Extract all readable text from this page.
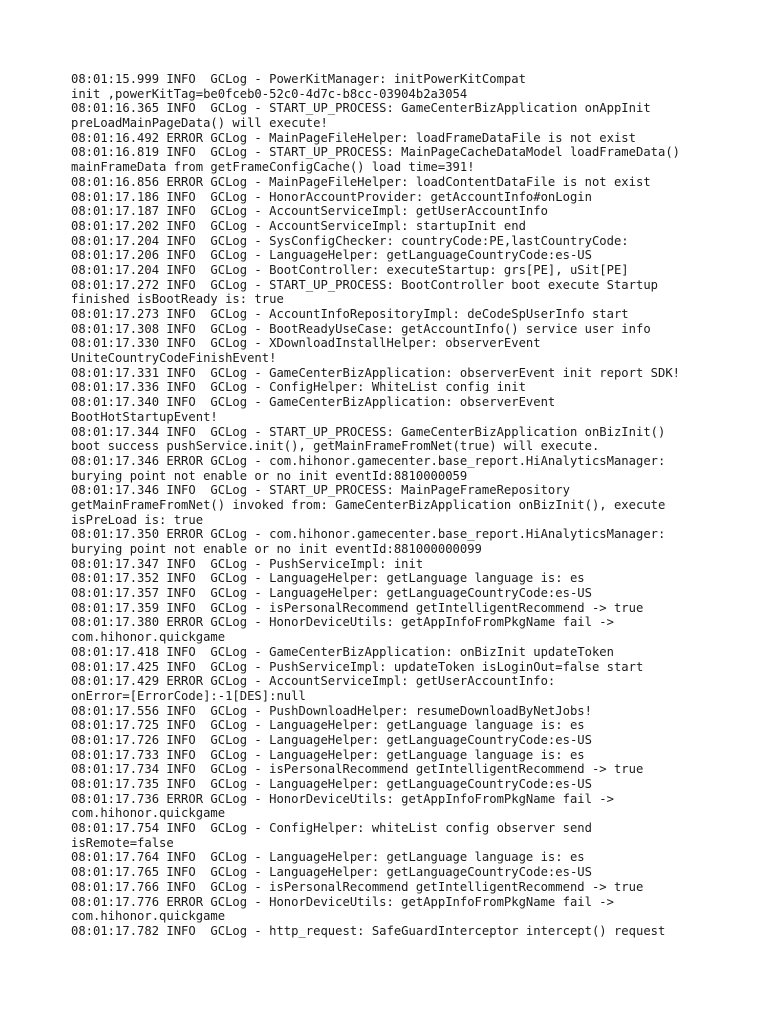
08:01:15.999 INFO  GCLog - PowerKitManager: initPowerKitCompat

init ,powerKitTag=be0fceb0-52c0-4d7c-b8cc-03904b2a3054

08:01:16.365 INFO  GCLog - START_UP_PROCESS: GameCenterBizApplication onAppInit

preLoadMainPageData() will execute!

08:01:16.492 ERROR GCLog - MainPageFileHelper: loadFrameDataFile is not exist

08:01:16.819 INFO  GCLog - START_UP_PROCESS: MainPageCacheDataModel loadFrameData()

mainFrameData from getFrameConfigCache() load time=391!

08:01:16.856 ERROR GCLog - MainPageFileHelper: loadContentDataFile is not exist

08:01:17.186 INFO  GCLog - HonorAccountProvider: getAccountInfo#onLogin

08:01:17.187 INFO  GCLog - AccountServiceImpl: getUserAccountInfo

08:01:17.202 INFO  GCLog - AccountServiceImpl: startupInit end

08:01:17.204 INFO  GCLog - SysConfigChecker: countryCode:PE,lastCountryCode:

08:01:17.206 INFO  GCLog - LanguageHelper: getLanguageCountryCode:es-US

08:01:17.204 INFO  GCLog - BootController: executeStartup: grs[PE], uSit[PE]

08:01:17.272 INFO  GCLog - START_UP_PROCESS: BootController boot execute Startup

finished isBootReady is: true

08:01:17.273 INFO  GCLog - AccountInfoRepositoryImpl: deCodeSpUserInfo start

08:01:17.308 INFO  GCLog - BootReadyUseCase: getAccountInfo() service user info

08:01:17.330 INFO  GCLog - XDownloadInstallHelper: observerEvent

UniteCountryCodeFinishEvent!

08:01:17.331 INFO  GCLog - GameCenterBizApplication: observerEvent init report SDK!

08:01:17.336 INFO  GCLog - ConfigHelper: WhiteList config init

08:01:17.340 INFO  GCLog - GameCenterBizApplication: observerEvent

BootHotStartupEvent!

08:01:17.344 INFO  GCLog - START_UP_PROCESS: GameCenterBizApplication onBizInit()

boot success pushService.init(), getMainFrameFromNet(true) will execute.

08:01:17.346 ERROR GCLog - com.hihonor.gamecenter.base_report.HiAnalyticsManager:

burying point not enable or no init eventId:8810000059

08:01:17.346 INFO  GCLog - START_UP_PROCESS: MainPageFrameRepository

getMainFrameFromNet() invoked from: GameCenterBizApplication onBizInit(), execute

isPreLoad is: true

08:01:17.350 ERROR GCLog - com.hihonor.gamecenter.base_report.HiAnalyticsManager:

burying point not enable or no init eventId:881000000099

08:01:17.347 INFO  GCLog - PushServiceImpl: init

08:01:17.352 INFO  GCLog - LanguageHelper: getLanguage language is: es

08:01:17.357 INFO  GCLog - LanguageHelper: getLanguageCountryCode:es-US

08:01:17.359 INFO  GCLog - isPersonalRecommend getIntelligentRecommend -> true

08:01:17.380 ERROR GCLog - HonorDeviceUtils: getAppInfoFromPkgName fail ->

com.hihonor.quickgame

08:01:17.418 INFO  GCLog - GameCenterBizApplication: onBizInit updateToken

08:01:17.425 INFO  GCLog - PushServiceImpl: updateToken isLoginOut=false start

08:01:17.429 ERROR GCLog - AccountServiceImpl: getUserAccountInfo:

onError=[ErrorCode]:-1[DES]:null

08:01:17.556 INFO  GCLog - PushDownloadHelper: resumeDownloadByNetJobs!

08:01:17.725 INFO  GCLog - LanguageHelper: getLanguage language is: es

08:01:17.726 INFO  GCLog - LanguageHelper: getLanguageCountryCode:es-US

08:01:17.733 INFO  GCLog - LanguageHelper: getLanguage language is: es

08:01:17.734 INFO  GCLog - isPersonalRecommend getIntelligentRecommend -> true

08:01:17.735 INFO  GCLog - LanguageHelper: getLanguageCountryCode:es-US

08:01:17.736 ERROR GCLog - HonorDeviceUtils: getAppInfoFromPkgName fail ->

com.hihonor.quickgame

08:01:17.754 INFO  GCLog - ConfigHelper: whiteList config observer send

isRemote=false

08:01:17.764 INFO  GCLog - LanguageHelper: getLanguage language is: es

08:01:17.765 INFO  GCLog - LanguageHelper: getLanguageCountryCode:es-US

08:01:17.766 INFO  GCLog - isPersonalRecommend getIntelligentRecommend -> true

08:01:17.776 ERROR GCLog - HonorDeviceUtils: getAppInfoFromPkgName fail ->

com.hihonor.quickgame

08:01:17.782 INFO  GCLog - http_request: SafeGuardInterceptor intercept() request
